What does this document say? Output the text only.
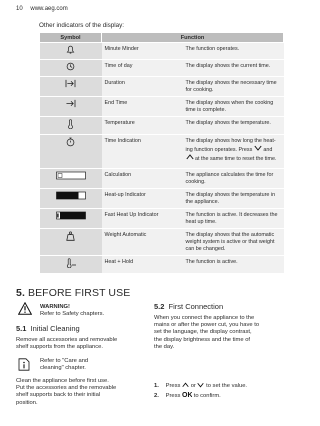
10 www.aeg.com
Other indicators of the display:
Symbol	Function	
	Minute Minder	The function operates.
	Time of day	The display shows the current time.
	Duration	The display shows the necessary time for cooking.
	End Time	The display shows when the cooking time is complete.
	Temperature	The display shows the temperature.
	Time Indication	The display shows how long the heat-ing function operates. Press and
at the same time to reset the time.
	Calculation	The appliance calculates the time for cooking.
	Heat-up Indicator	The display shows the temperature in the appliance.
	Fast Heat Up Indicator	The function is active. It decreases the heat up time.
	Weight Automatic	The display shows that the automatic weight system is active or that weight can be changed.
	Heat + Hold	The function is active.
5. BEFORE FIRST USE
WARNING!
Refer to Safety chapters.
5.1 Initial Cleaning
Remove all accessories and removable
shelf supports from the appliance.
Refer to "Care and
cleaning" chapter.
Clean the appliance before first use.
Put the accessories and the removable
shelf supports back to their initial
position.
5.2 First Connection
When you connect the appliance to the
mains or after the power cut, you have to
set the language, the display contrast,
the display brightness and the time of
the day.
1. Press or to set the value.
2. Press OK to confirm.
